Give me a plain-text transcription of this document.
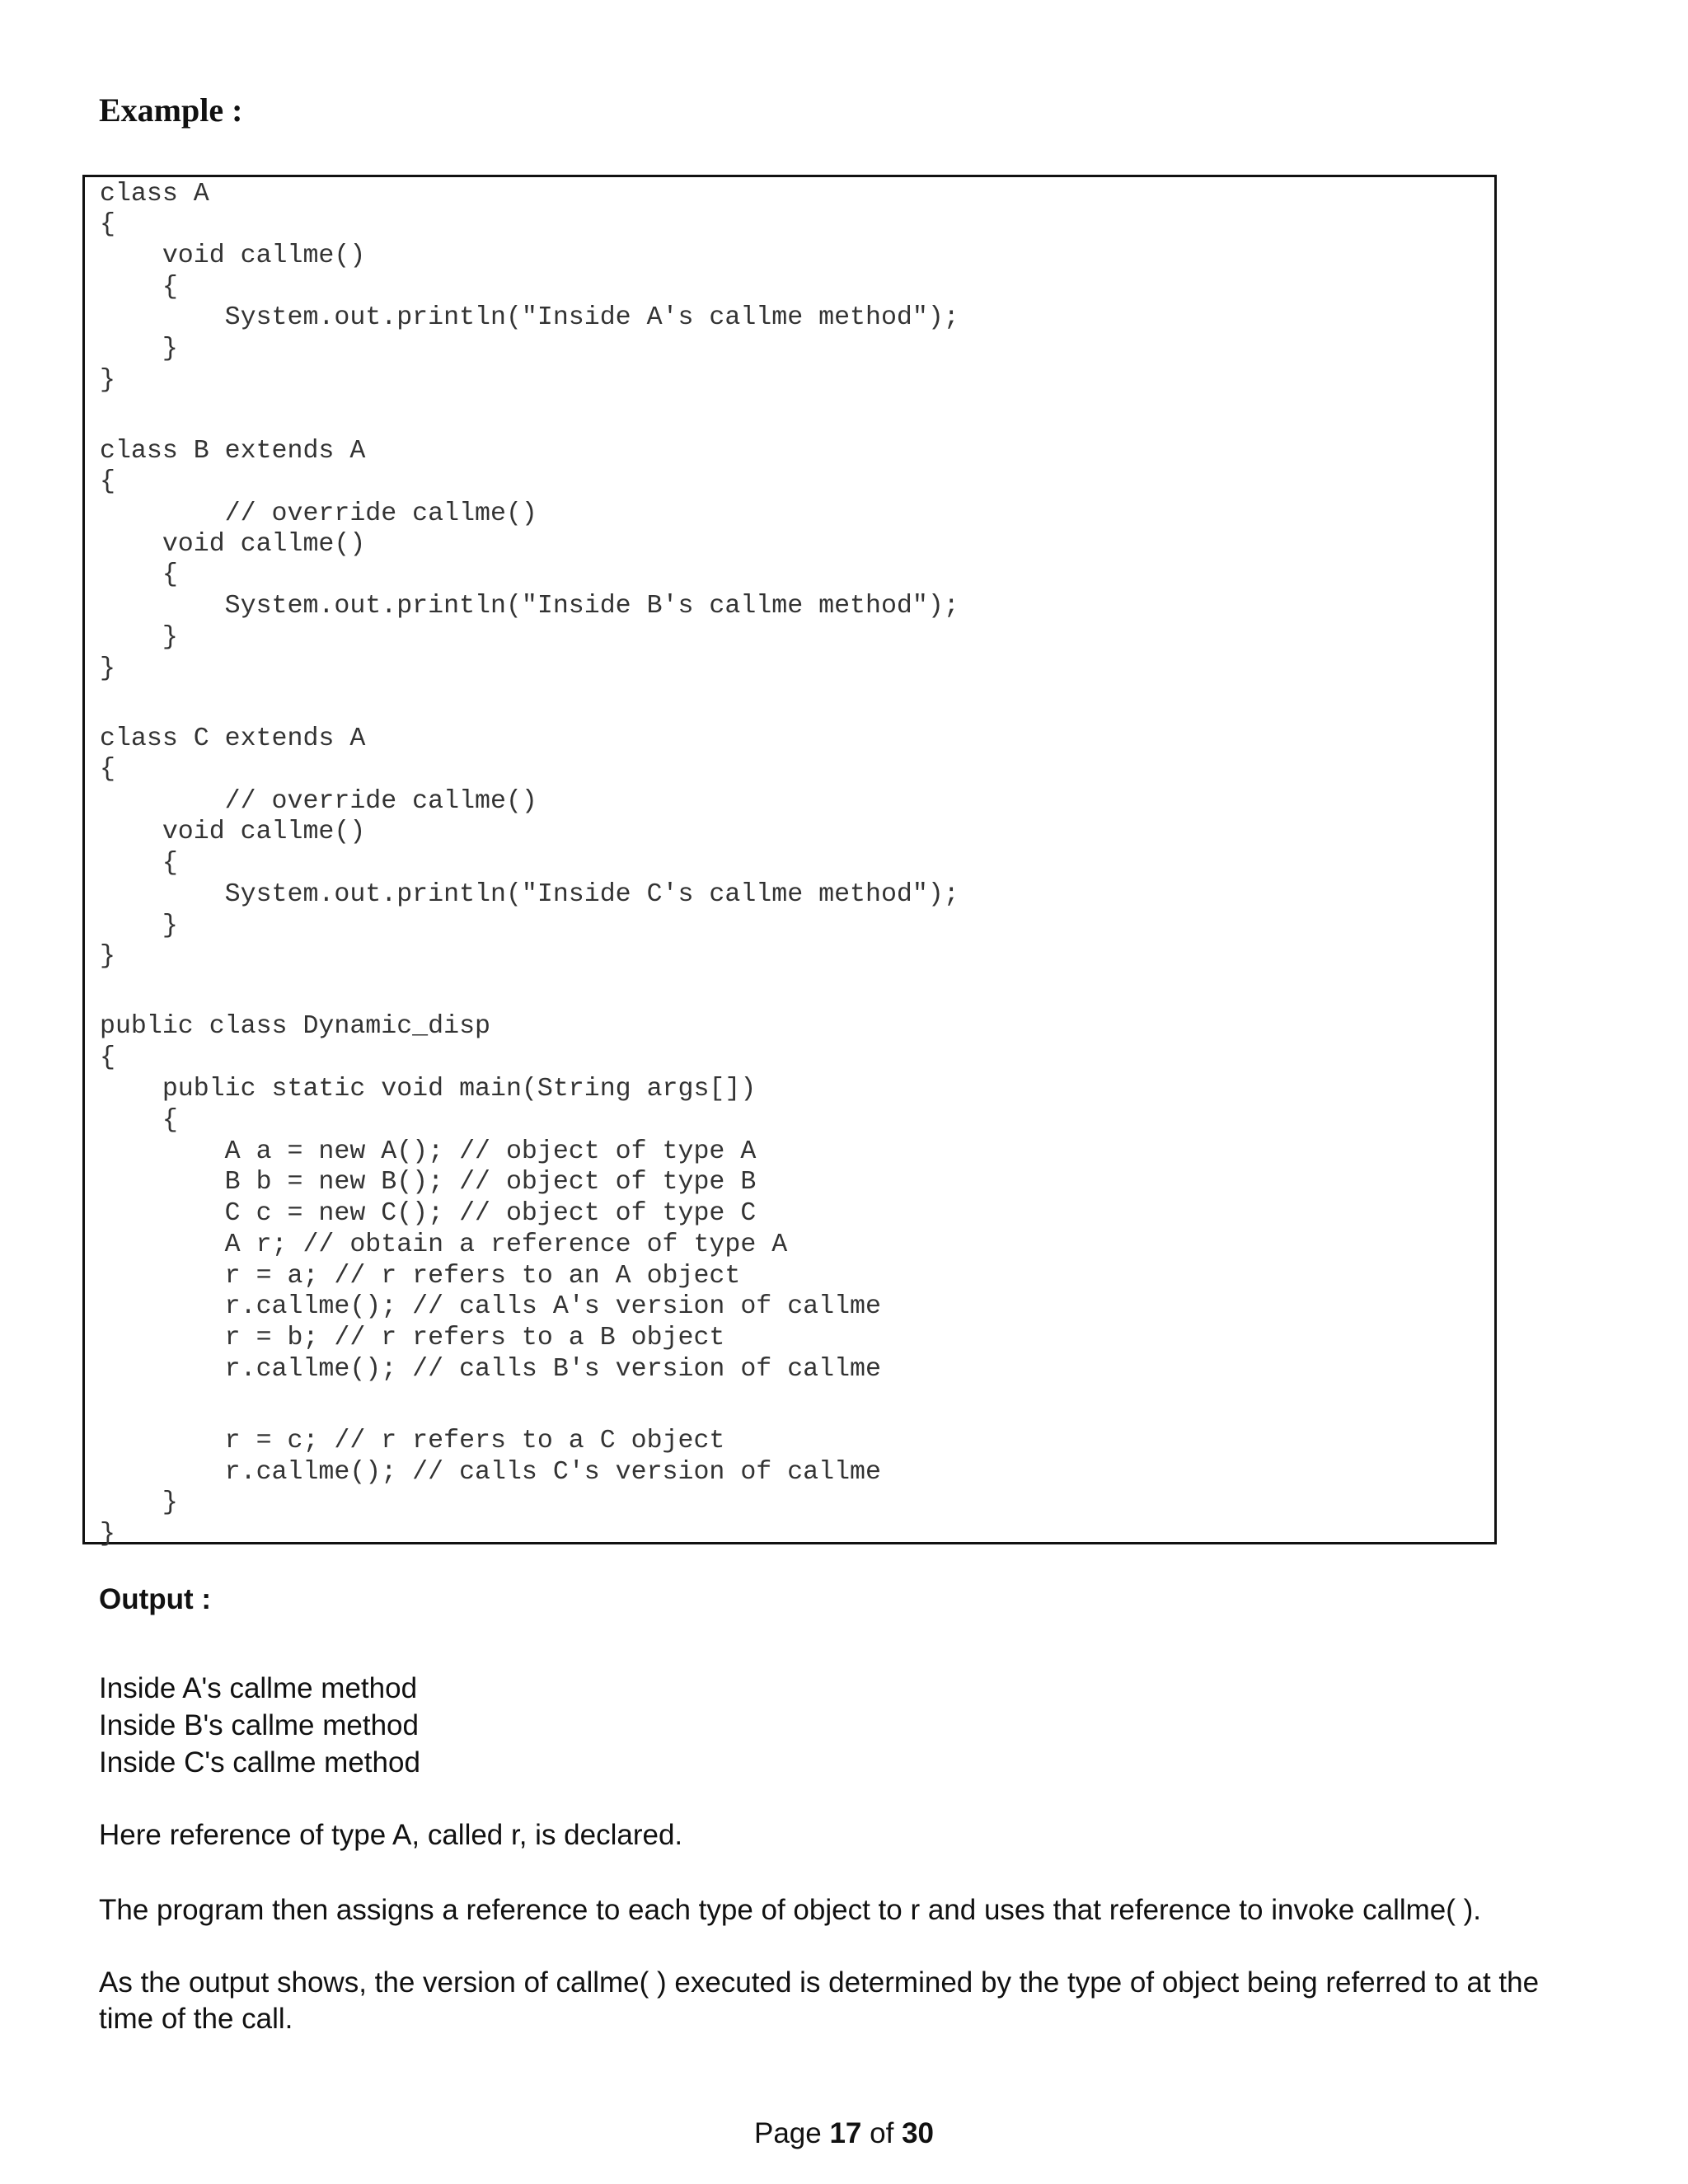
Example :
class A
{
void callme()
{
System.out.println("Inside A's callme method");
}
}
class B extends A
{
// override callme()
void callme()
{
System.out.println("Inside B's callme method");
}
}
class C extends A
{
// override callme()
void callme()
{
System.out.println("Inside C's callme method");
}
}
public class Dynamic_disp
{
public static void main(String args[])
{
A a = new A(); // object of type A
B b = new B(); // object of type B
C c = new C(); // object of type C
A r; // obtain a reference of type A
r = a; // r refers to an A object
r.callme(); // calls A's version of callme
r = b; // r refers to a B object
r.callme(); // calls B's version of callme
r = c; // r refers to a C object
r.callme(); // calls C's version of callme
}
}
Output :
Inside A's callme method
Inside B's callme method
Inside C's callme method
Here reference of type A, called r, is declared.
The program then assigns a reference to each type of object to r and uses that reference to invoke callme( ).
As the output shows, the version of callme( ) executed is determined by the type of object being referred to at the time of the call.
Page 17 of 30
